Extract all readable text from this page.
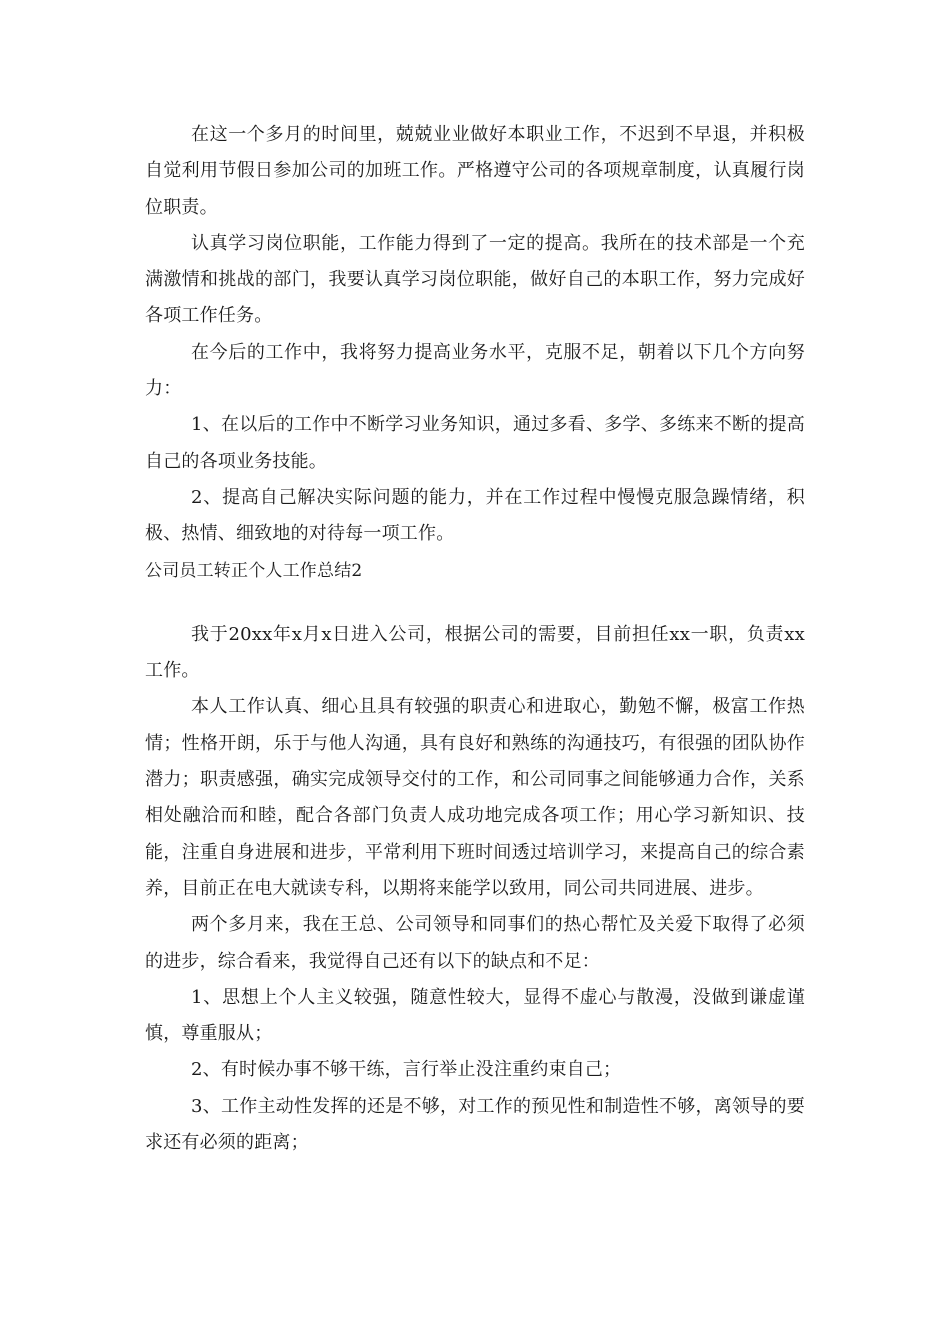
在这一个多月的时间里，兢兢业业做好本职业工作，不迟到不早退，并积极自觉利用节假日参加公司的加班工作。严格遵守公司的各项规章制度，认真履行岗位职责。

认真学习岗位职能，工作能力得到了一定的提高。我所在的技术部是一个充满激情和挑战的部门，我要认真学习岗位职能，做好自己的本职工作，努力完成好各项工作任务。

在今后的工作中，我将努力提高业务水平，克服不足，朝着以下几个方向努力：

1、在以后的工作中不断学习业务知识，通过多看、多学、多练来不断的提高自己的各项业务技能。

2、提高自己解决实际问题的能力，并在工作过程中慢慢克服急躁情绪，积极、热情、细致地的对待每一项工作。

公司员工转正个人工作总结2

我于20xx年x月x日进入公司，根据公司的需要，目前担任xx一职，负责xx工作。

本人工作认真、细心且具有较强的职责心和进取心，勤勉不懈，极富工作热情；性格开朗，乐于与他人沟通，具有良好和熟练的沟通技巧，有很强的团队协作潜力；职责感强，确实完成领导交付的工作，和公司同事之间能够通力合作，关系相处融洽而和睦，配合各部门负责人成功地完成各项工作；用心学习新知识、技能，注重自身进展和进步，平常利用下班时间透过培训学习，来提高自己的综合素养，目前正在电大就读专科，以期将来能学以致用，同公司共同进展、进步。

两个多月来，我在王总、公司领导和同事们的热心帮忙及关爱下取得了必须的进步，综合看来，我觉得自己还有以下的缺点和不足：

1、思想上个人主义较强，随意性较大，显得不虚心与散漫，没做到谦虚谨慎，尊重服从；

2、有时候办事不够干练，言行举止没注重约束自己；

3、工作主动性发挥的还是不够，对工作的预见性和制造性不够，离领导的要求还有必须的距离；
